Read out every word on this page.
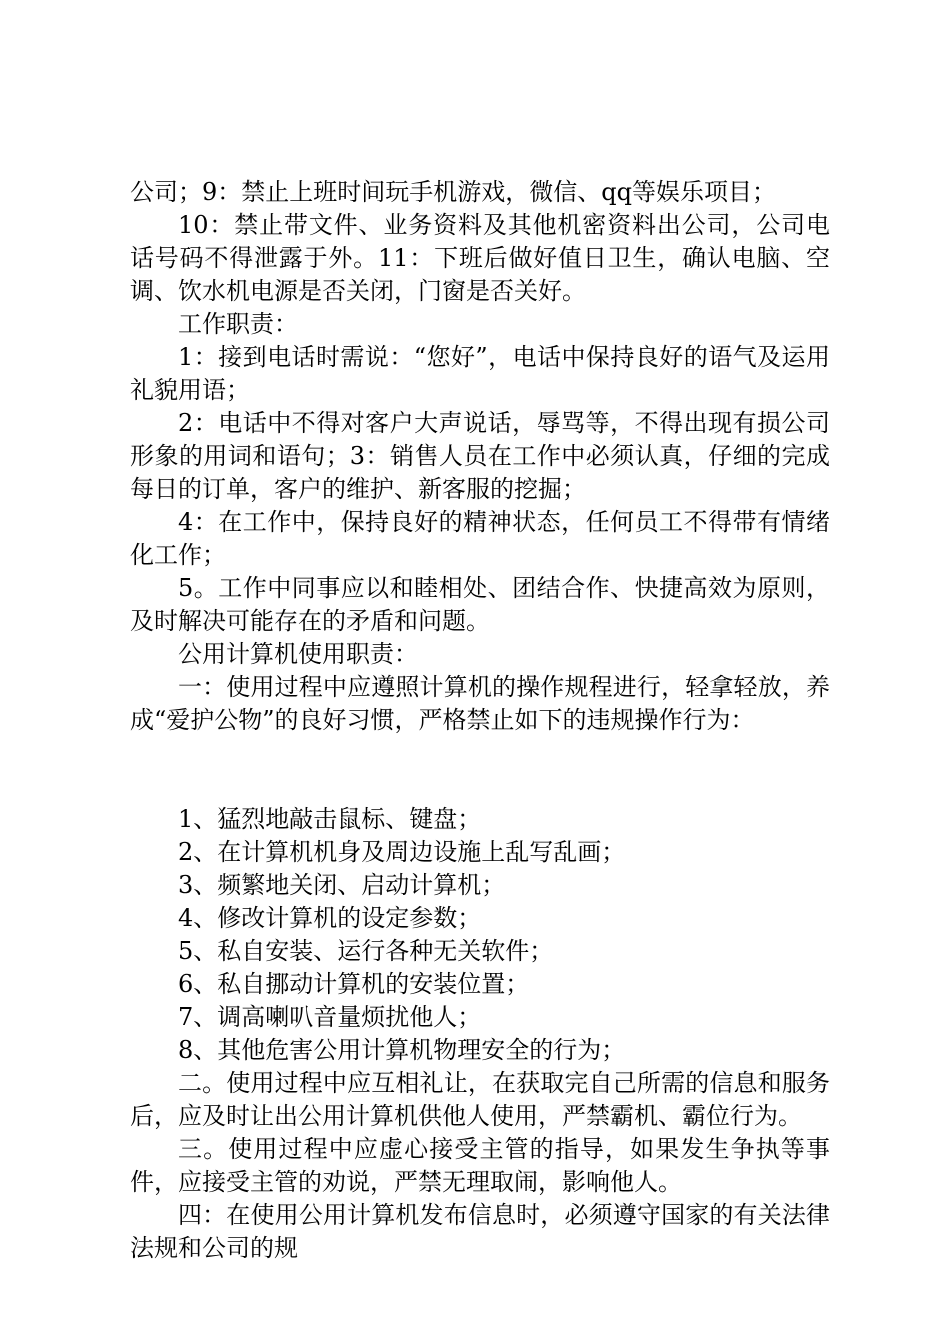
公司；9：禁止上班时间玩手机游戏，微信、qq等娱乐项目；

10：禁止带文件、业务资料及其他机密资料出公司，公司电话号码不得泄露于外。11：下班后做好值日卫生，确认电脑、空调、饮水机电源是否关闭，门窗是否关好。

工作职责：

1：接到电话时需说：“您好”，电话中保持良好的语气及运用礼貌用语；

2：电话中不得对客户大声说话，辱骂等，不得出现有损公司形象的用词和语句；3：销售人员在工作中必须认真，仔细的完成每日的订单，客户的维护、新客服的挖掘；

4：在工作中，保持良好的精神状态，任何员工不得带有情绪化工作；

5。工作中同事应以和睦相处、团结合作、快捷高效为原则，及时解决可能存在的矛盾和问题。

公用计算机使用职责：

一：使用过程中应遵照计算机的操作规程进行，轻拿轻放，养成“爱护公物”的良好习惯，严格禁止如下的违规操作行为：

1、猛烈地敲击鼠标、键盘；

2、在计算机机身及周边设施上乱写乱画；

3、频繁地关闭、启动计算机；

4、修改计算机的设定参数；

5、私自安装、运行各种无关软件；

6、私自挪动计算机的安装位置；

7、调高喇叭音量烦扰他人；

8、其他危害公用计算机物理安全的行为；

二。使用过程中应互相礼让，在获取完自己所需的信息和服务后，应及时让出公用计算机供他人使用，严禁霸机、霸位行为。

三。使用过程中应虚心接受主管的指导，如果发生争执等事件，应接受主管的劝说，严禁无理取闹，影响他人。

四：在使用公用计算机发布信息时，必须遵守国家的有关法律法规和公司的规
